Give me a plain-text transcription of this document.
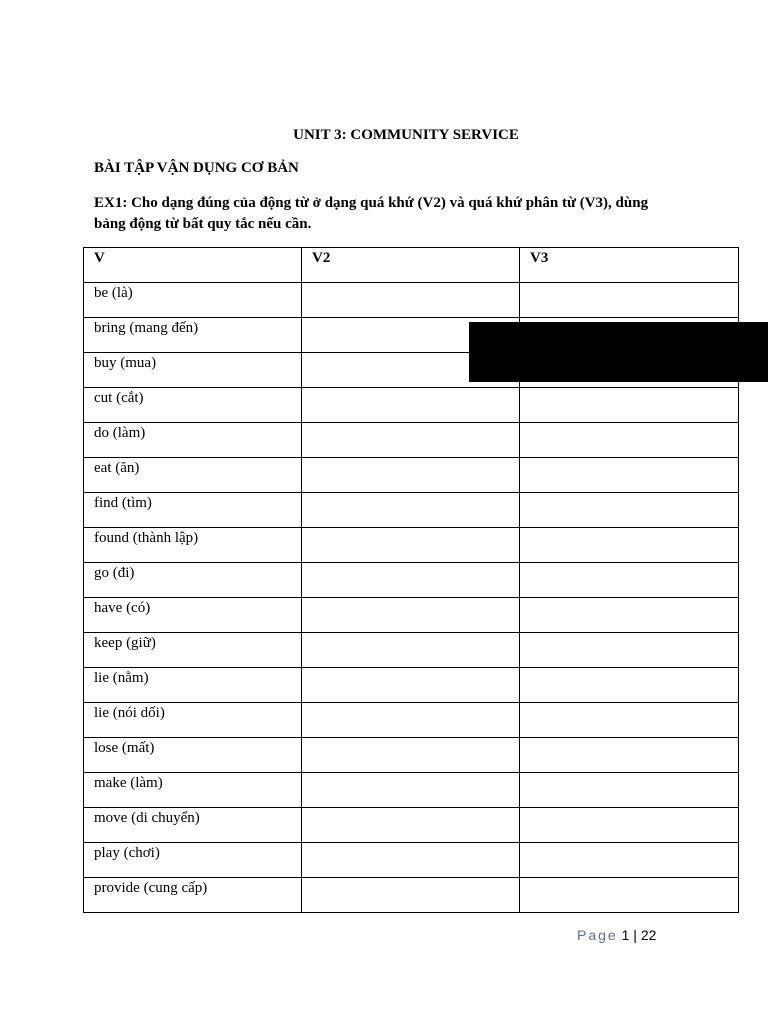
UNIT 3: COMMUNITY SERVICE
BÀI TẬP VẬN DỤNG CƠ BẢN
EX1: Cho dạng đúng của động từ ở dạng quá khứ (V2) và quá khứ phân từ (V3), dùng bảng động từ bất quy tắc nếu cần.
V	V2	V3
be (là)		
bring (mang đến)		
buy (mua)		
cut (cắt)		
do (làm)		
eat (ăn)		
find (tìm)		
found (thành lập)		
go (đi)		
have (có)		
keep (giữ)		
lie (nằm)		
lie (nói dối)		
lose (mất)		
make (làm)		
move (di chuyển)		
play (chơi)		
provide (cung cấp)		
Page 1 | 22
